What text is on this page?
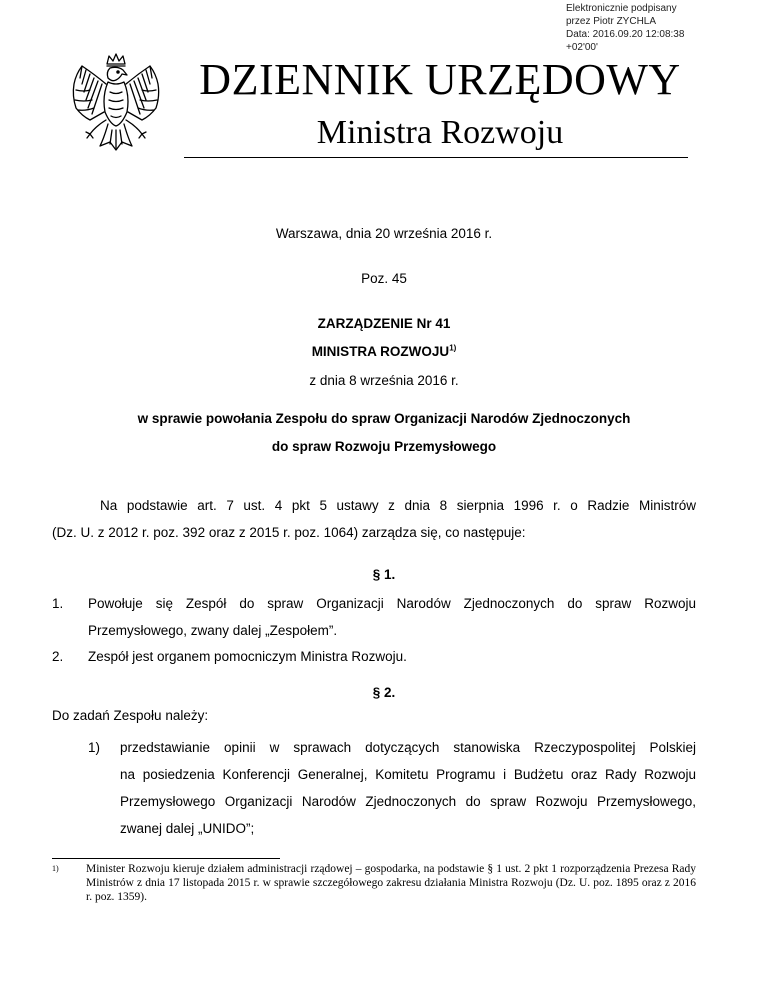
Elektronicznie podpisany
przez Piotr ZYCHLA
Data: 2016.09.20 12:08:38
+02'00'
DZIENNIK URZĘDOWY
Ministra Rozwoju
Warszawa, dnia 20 września 2016 r.
Poz. 45
ZARZĄDZENIE Nr 41
MINISTRA ROZWOJU$^{1)}$
z dnia 8 września 2016 r.
w sprawie powołania Zespołu do spraw Organizacji Narodów Zjednoczonych
do spraw Rozwoju Przemysłowego
Na podstawie art. 7 ust. 4 pkt 5 ustawy z dnia 8 sierpnia 1996 r. o Radzie Ministrów
(Dz. U. z 2012 r. poz. 392 oraz z 2015 r. poz. 1064) zarządza się, co następuje:
§ 1.
1. Powołuje się Zespół do spraw Organizacji Narodów Zjednoczonych do spraw Rozwoju
Przemysłowego, zwany dalej „Zespołem”.
2. Zespół jest organem pomocniczym Ministra Rozwoju.
§ 2.
Do zadań Zespołu należy:
1) przedstawianie opinii w sprawach dotyczących stanowiska Rzeczypospolitej Polskiej
na posiedzenia Konferencji Generalnej, Komitetu Programu i Budżetu oraz Rady Rozwoju
Przemysłowego Organizacji Narodów Zjednoczonych do spraw Rozwoju Przemysłowego,
zwanej dalej „UNIDO”;
1) Minister Rozwoju kieruje działem administracji rządowej – gospodarka, na podstawie § 1 ust. 2 pkt 1 rozporządzenia Prezesa Rady Ministrów z dnia 17 listopada 2015 r. w sprawie szczegółowego zakresu działania Ministra Rozwoju (Dz. U. poz. 1895 oraz z 2016 r. poz. 1359).
